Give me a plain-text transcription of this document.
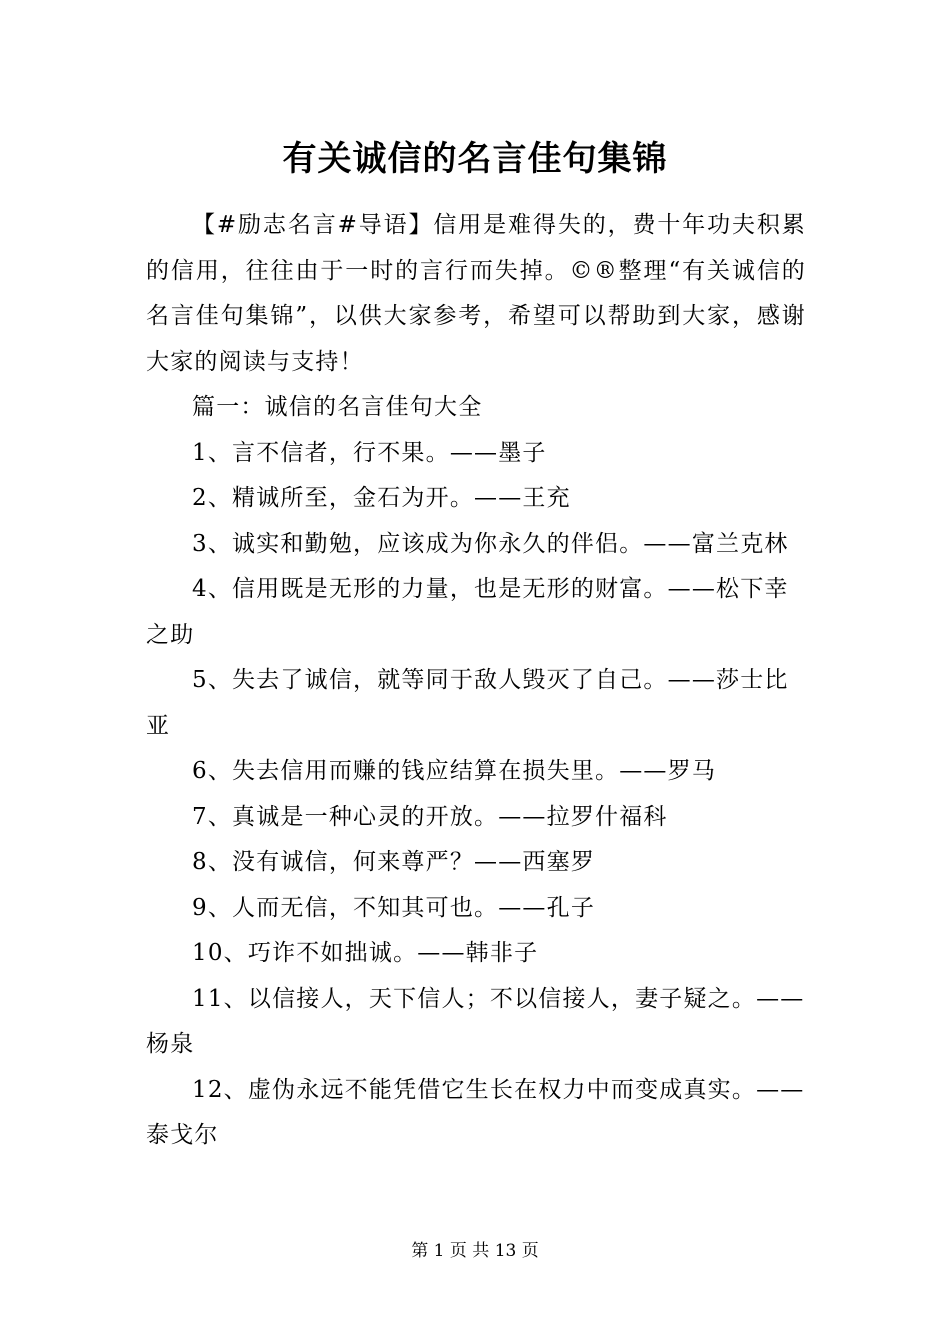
有关诚信的名言佳句集锦

【#励志名言#导语】信用是难得失的，费十年功夫积累的信用，往往由于一时的言行而失掉。©®整理“有关诚信的名言佳句集锦”，以供大家参考，希望可以帮助到大家，感谢大家的阅读与支持！

篇一：诚信的名言佳句大全

1、言不信者，行不果。——墨子

2、精诚所至，金石为开。——王充

3、诚实和勤勉，应该成为你永久的伴侣。——富兰克林

4、信用既是无形的力量，也是无形的财富。——松下幸之助

5、失去了诚信，就等同于敌人毁灭了自己。——莎士比亚

6、失去信用而赚的钱应结算在损失里。——罗马

7、真诚是一种心灵的开放。——拉罗什福科

8、没有诚信，何来尊严？——西塞罗

9、人而无信，不知其可也。——孔子

10、巧诈不如拙诚。——韩非子

11、以信接人，天下信人；不以信接人，妻子疑之。——杨泉

12、虚伪永远不能凭借它生长在权力中而变成真实。——泰戈尔

第 1 页 共 13 页
